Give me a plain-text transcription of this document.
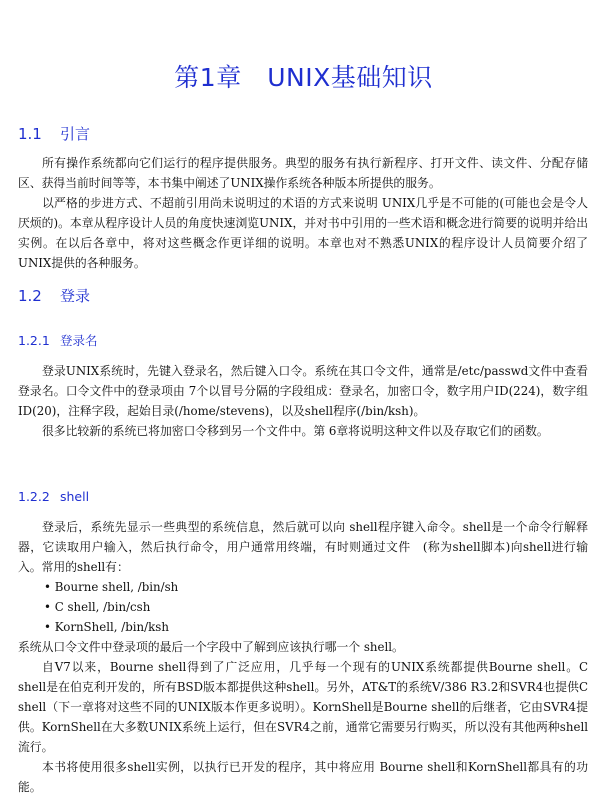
第1章　UNIX基础知识
1.1 引言

所有操作系统都向它们运行的程序提供服务。典型的服务有执行新程序、打开文件、读文件、分配存储区、获得当前时间等等，本书集中阐述了UNIX操作系统各种版本所提供的服务。

以严格的步进方式、不超前引用尚未说明过的术语的方式来说明 UNIX几乎是不可能的(可能也会是令人厌烦的)。本章从程序设计人员的角度快速浏览UNIX，并对书中引用的一些术语和概念进行简要的说明并给出实例。在以后各章中，将对这些概念作更详细的说明。本章也对不熟悉UNIX的程序设计人员简要介绍了UNIX提供的各种服务。

1.2 登录
1.2.1 登录名

登录UNIX系统时，先键入登录名，然后键入口令。系统在其口令文件，通常是/etc/passwd文件中查看登录名。口令文件中的登录项由 7个以冒号分隔的字段组成：登录名，加密口令，数字用户ID(224)，数字组ID(20)，注释字段，起始目录(/home/stevens)，以及shell程序(/bin/ksh)。

很多比较新的系统已将加密口令移到另一个文件中。第 6章将说明这种文件以及存取它们的函数。

1.2.2 shell

登录后，系统先显示一些典型的系统信息，然后就可以向 shell程序键入命令。shell是一个命令行解释器，它读取用户输入，然后执行命令，用户通常用终端，有时则通过文件　(称为shell脚本)向shell进行输入。常用的shell有：

• Bourne shell, /bin/sh
• C shell, /bin/csh
• KornShell, /bin/ksh
系统从口令文件中登录项的最后一个字段中了解到应该执行哪一个 shell。

自V7以来，Bourne shell得到了广泛应用，几乎每一个现有的UNIX系统都提供Bourne shell。C shell是在伯克利开发的，所有BSD版本都提供这种shell。另外，AT&T的系统V/386 R3.2和SVR4也提供C shell（下一章将对这些不同的UNIX版本作更多说明）。KornShell是Bourne shell的后继者，它由SVR4提供。KornShell在大多数UNIX系统上运行，但在SVR4之前，通常它需要另行购买，所以没有其他两种shell流行。

本书将使用很多shell实例，以执行已开发的程序，其中将应用 Bourne shell和KornShell都具有的功能。
